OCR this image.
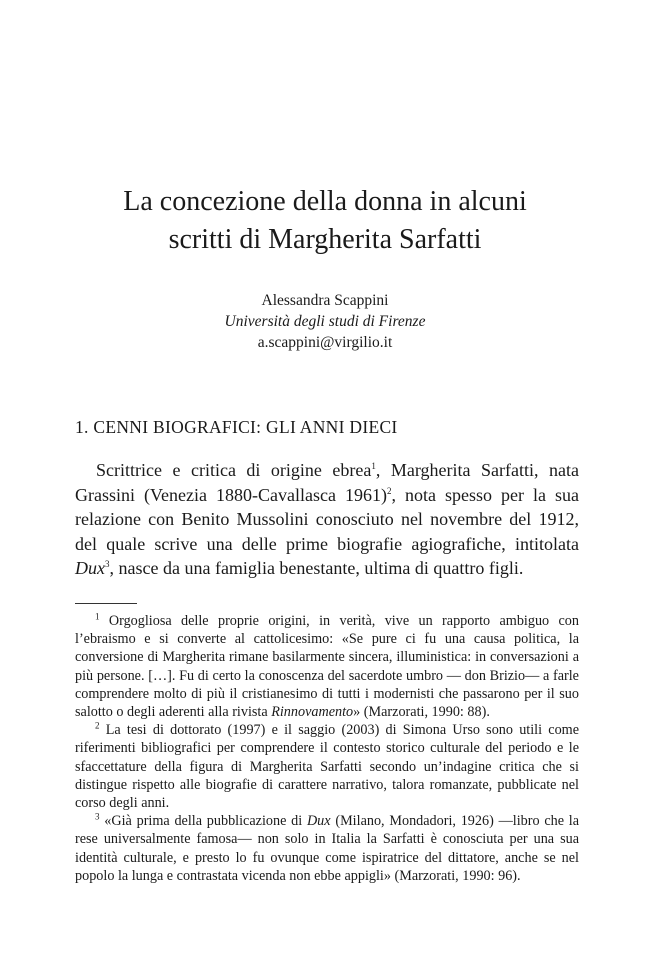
La concezione della donna in alcuni
scritti di Margherita Sarfatti
Alessandra Scappini
Università degli studi di Firenze
a.scappini@virgilio.it
1. CENNI BIOGRAFICI: GLI ANNI DIECI

Scrittrice e critica di origine ebrea$^1$, Margherita Sarfatti, nata Grassini (Venezia 1880-Cavallasca 1961)$^2$, nota spesso per la sua relazione con Benito Mussolini conosciuto nel novembre del 1912, del quale scrive una delle prime biografie agiografiche, intitolata Dux$^3$, nasce da una famiglia benestante, ultima di quattro figli.

$^1$ Orgogliosa delle proprie origini, in verità, vive un rapporto ambiguo con l’ebraismo e si converte al cattolicesimo: «Se pure ci fu una causa politica, la conversione di Margherita rimane basilarmente sincera, illuministica: in conversazioni a più persone. […]. Fu di certo la conoscenza del sacerdote umbro — don Brizio— a farle comprendere molto di più il cristianesimo di tutti i modernisti che passarono per il suo salotto o degli aderenti alla rivista Rinnovamento» (Marzorati, 1990: 88).

$^2$ La tesi di dottorato (1997) e il saggio (2003) di Simona Urso sono utili come riferimenti bibliografici per comprendere il contesto storico culturale del periodo e le sfaccettature della figura di Margherita Sarfatti secondo un’indagine critica che si distingue rispetto alle biografie di carattere narrativo, talora romanzate, pubblicate nel corso degli anni.

$^3$ «Già prima della pubblicazione di Dux (Milano, Mondadori, 1926) —libro che la rese universalmente famosa— non solo in Italia la Sarfatti è conosciuta per una sua identità culturale, e presto lo fu ovunque come ispiratrice del dittatore, anche se nel popolo la lunga e contrastata vicenda non ebbe appigli» (Marzorati, 1990: 96).
